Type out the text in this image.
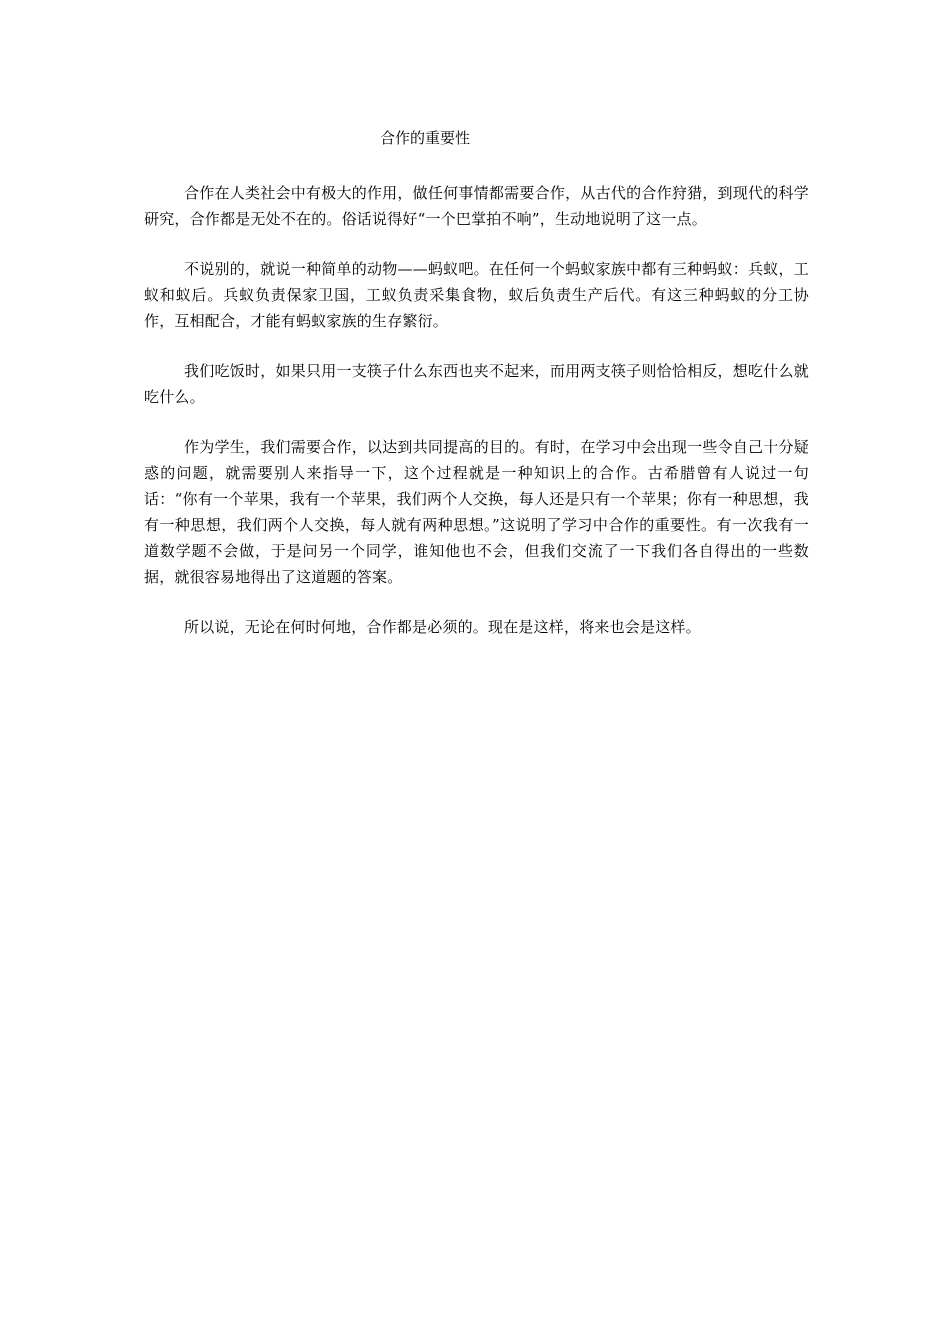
合作的重要性

合作在人类社会中有极大的作用，做任何事情都需要合作，从古代的合作狩猎，到现代的科学研究，合作都是无处不在的。俗话说得好“一个巴掌拍不响”，生动地说明了这一点。

不说别的，就说一种简单的动物——蚂蚁吧。在任何一个蚂蚁家族中都有三种蚂蚁：兵蚁，工蚁和蚁后。兵蚁负责保家卫国，工蚁负责采集食物，蚁后负责生产后代。有这三种蚂蚁的分工协作，互相配合，才能有蚂蚁家族的生存繁衍。

我们吃饭时，如果只用一支筷子什么东西也夹不起来，而用两支筷子则恰恰相反，想吃什么就吃什么。

作为学生，我们需要合作，以达到共同提高的目的。有时，在学习中会出现一些令自己十分疑惑的问题，就需要别人来指导一下，这个过程就是一种知识上的合作。古希腊曾有人说过一句话：“你有一个苹果，我有一个苹果，我们两个人交换，每人还是只有一个苹果；你有一种思想，我有一种思想，我们两个人交换，每人就有两种思想。”这说明了学习中合作的重要性。有一次我有一道数学题不会做，于是问另一个同学，谁知他也不会，但我们交流了一下我们各自得出的一些数据，就很容易地得出了这道题的答案。

所以说，无论在何时何地，合作都是必须的。现在是这样，将来也会是这样。
